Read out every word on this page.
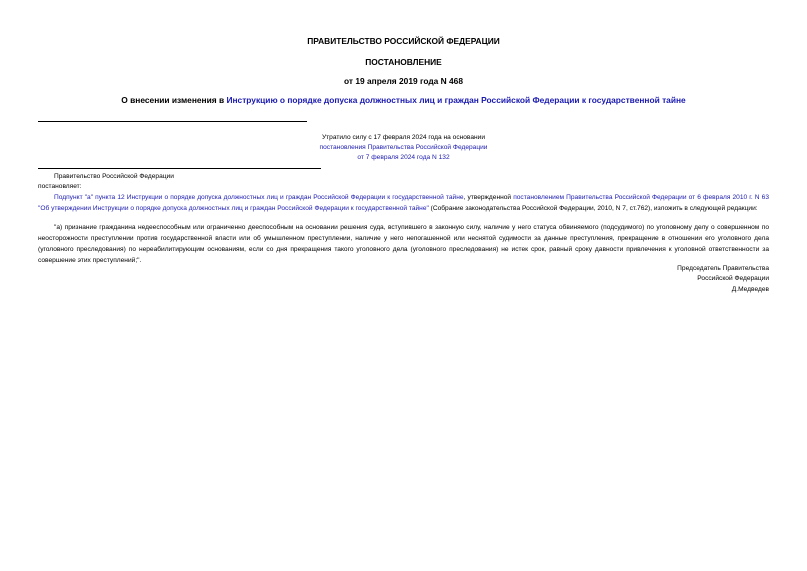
ПРАВИТЕЛЬСТВО РОССИЙСКОЙ ФЕДЕРАЦИИ
ПОСТАНОВЛЕНИЕ
от 19 апреля 2019 года N 468
О внесении изменения в Инструкцию о порядке допуска должностных лиц и граждан Российской Федерации к государственной тайне
Утратило силу с 17 февраля 2024 года на основании
постановления Правительства Российской Федерации
от 7 февраля 2024 года N 132
Правительство Российской Федерации
постановляет:
Подпункт "а" пункта 12 Инструкции о порядке допуска должностных лиц и граждан Российской Федерации к государственной тайне, утвержденной постановлением Правительства Российской Федерации от 6 февраля 2010 г. N 63 "Об утверждении Инструкции о порядке допуска должностных лиц и граждан Российской Федерации к государственной тайне" (Собрание законодательства Российской Федерации, 2010, N 7, ст.762), изложить в следующей редакции:
"а) признание гражданина недееспособным или ограниченно дееспособным на основании решения суда, вступившего в законную силу, наличие у него статуса обвиняемого (подсудимого) по уголовному делу о совершенном по неосторожности преступлении против государственной власти или об умышленном преступлении, наличие у него непогашенной или неснятой судимости за данные преступления, прекращение в отношении его уголовного дела (уголовного преследования) по нереабилитирующим основаниям, если со дня прекращения такого уголовного дела (уголовного преследования) не истек срок, равный сроку давности привлечения к уголовной ответственности за совершение этих преступлений;".
Председатель Правительства
Российской Федерации
Д.Медведев
